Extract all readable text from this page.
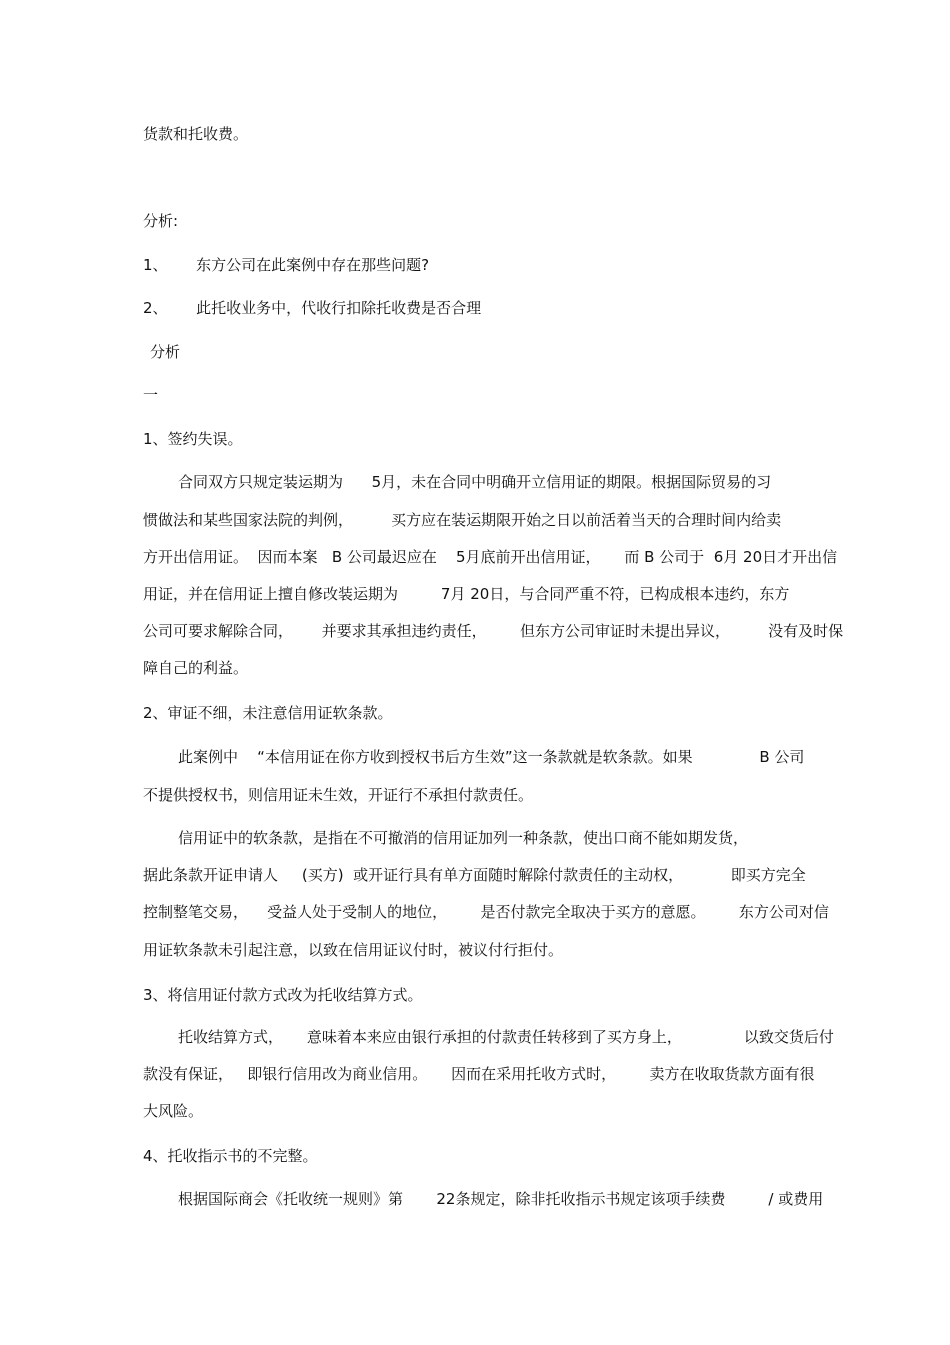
货款和托收费。
分析:
1、      东方公司在此案例中存在那些问题?
2、      此托收业务中，代收行扣除托收费是否合理
分析
一
1、签约失误。
合同双方只规定装运期为      5月，未在合同中明确开立信用证的期限。根据国际贸易的习
惯做法和某些国家法院的判例，        买方应在装运期限开始之日以前活着当天的合理时间内给卖
方开出信用证。  因而本案   B 公司最迟应在    5月底前开出信用证，     而 B 公司于  6月 20日才开出信
用证，并在信用证上擅自修改装运期为         7月 20日，与合同严重不符，已构成根本违约，东方
公司可要求解除合同，      并要求其承担违约责任，       但东方公司审证时未提出异议，        没有及时保
障自己的利益。
2、审证不细，未注意信用证软条款。
此案例中    “本信用证在你方收到授权书后方生效”这一条款就是软条款。如果              B 公司
不提供授权书，则信用证未生效，开证行不承担付款责任。
信用证中的软条款，是指在不可撤消的信用证加列一种条款，使出口商不能如期发货，
据此条款开证申请人     (买方)  或开证行具有单方面随时解除付款责任的主动权，          即买方完全
控制整笔交易，    受益人处于受制人的地位，       是否付款完全取决于买方的意愿。       东方公司对信
用证软条款未引起注意，以致在信用证议付时，被议付行拒付。
3、将信用证付款方式改为托收结算方式。
托收结算方式，     意味着本来应由银行承担的付款责任转移到了买方身上，             以致交货后付
款没有保证，   即银行信用改为商业信用。     因而在采用托收方式时，       卖方在收取货款方面有很
大风险。
4、托收指示书的不完整。
根据国际商会《托收统一规则》第       22条规定，除非托收指示书规定该项手续费         / 或费用
